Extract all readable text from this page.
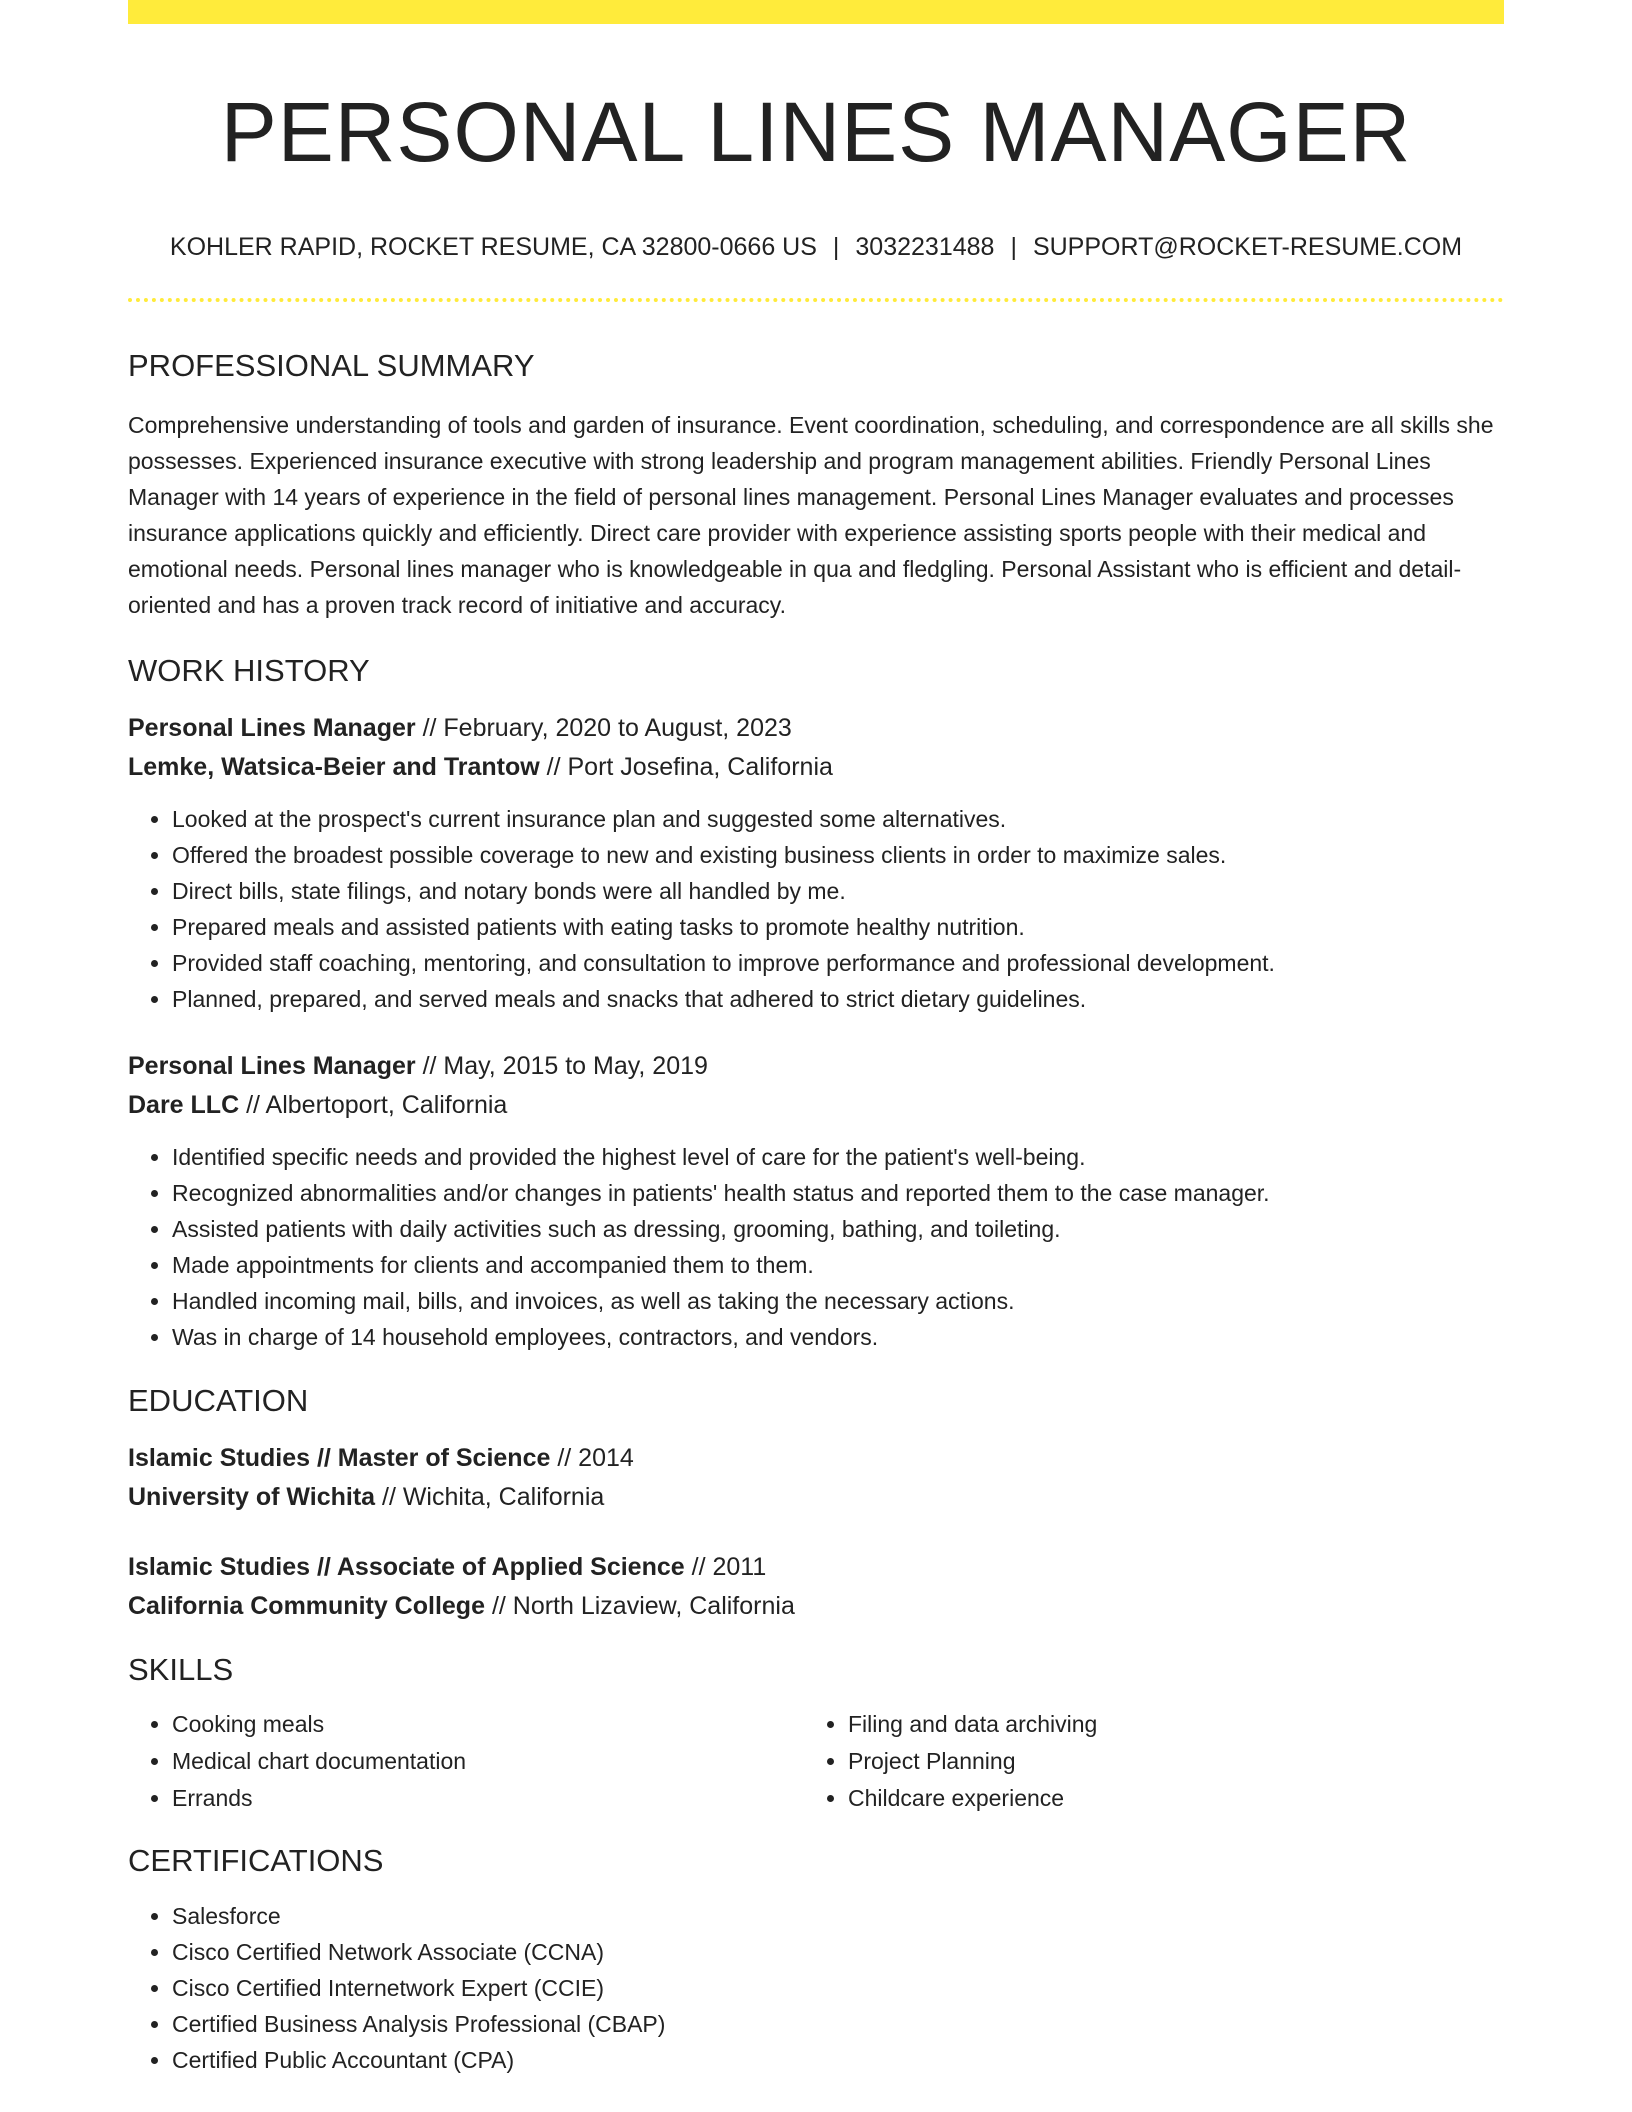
PERSONAL LINES MANAGER
KOHLER RAPID, ROCKET RESUME, CA 32800-0666 US | 3032231488 | SUPPORT@ROCKET-RESUME.COM
PROFESSIONAL SUMMARY

Comprehensive understanding of tools and garden of insurance. Event coordination, scheduling, and correspondence are all skills she possesses. Experienced insurance executive with strong leadership and program management abilities. Friendly Personal Lines Manager with 14 years of experience in the field of personal lines management. Personal Lines Manager evaluates and processes insurance applications quickly and efficiently. Direct care provider with experience assisting sports people with their medical and emotional needs. Personal lines manager who is knowledgeable in qua and fledgling. Personal Assistant who is efficient and detail-oriented and has a proven track record of initiative and accuracy.

WORK HISTORY
Personal Lines Manager // February, 2020 to August, 2023
Lemke, Watsica-Beier and Trantow // Port Josefina, California
• Looked at the prospect's current insurance plan and suggested some alternatives.
• Offered the broadest possible coverage to new and existing business clients in order to maximize sales.
• Direct bills, state filings, and notary bonds were all handled by me.
• Prepared meals and assisted patients with eating tasks to promote healthy nutrition.
• Provided staff coaching, mentoring, and consultation to improve performance and professional development.
• Planned, prepared, and served meals and snacks that adhered to strict dietary guidelines.
Personal Lines Manager // May, 2015 to May, 2019
Dare LLC // Albertoport, California
• Identified specific needs and provided the highest level of care for the patient's well-being.
• Recognized abnormalities and/or changes in patients' health status and reported them to the case manager.
• Assisted patients with daily activities such as dressing, grooming, bathing, and toileting.
• Made appointments for clients and accompanied them to them.
• Handled incoming mail, bills, and invoices, as well as taking the necessary actions.
• Was in charge of 14 household employees, contractors, and vendors.
EDUCATION
Islamic Studies // Master of Science // 2014
University of Wichita // Wichita, California
Islamic Studies // Associate of Applied Science // 2011
California Community College // North Lizaview, California
SKILLS
• Cooking meals
• Medical chart documentation
• Errands
• Filing and data archiving
• Project Planning
• Childcare experience
CERTIFICATIONS
• Salesforce
• Cisco Certified Network Associate (CCNA)
• Cisco Certified Internetwork Expert (CCIE)
• Certified Business Analysis Professional (CBAP)
• Certified Public Accountant (CPA)
